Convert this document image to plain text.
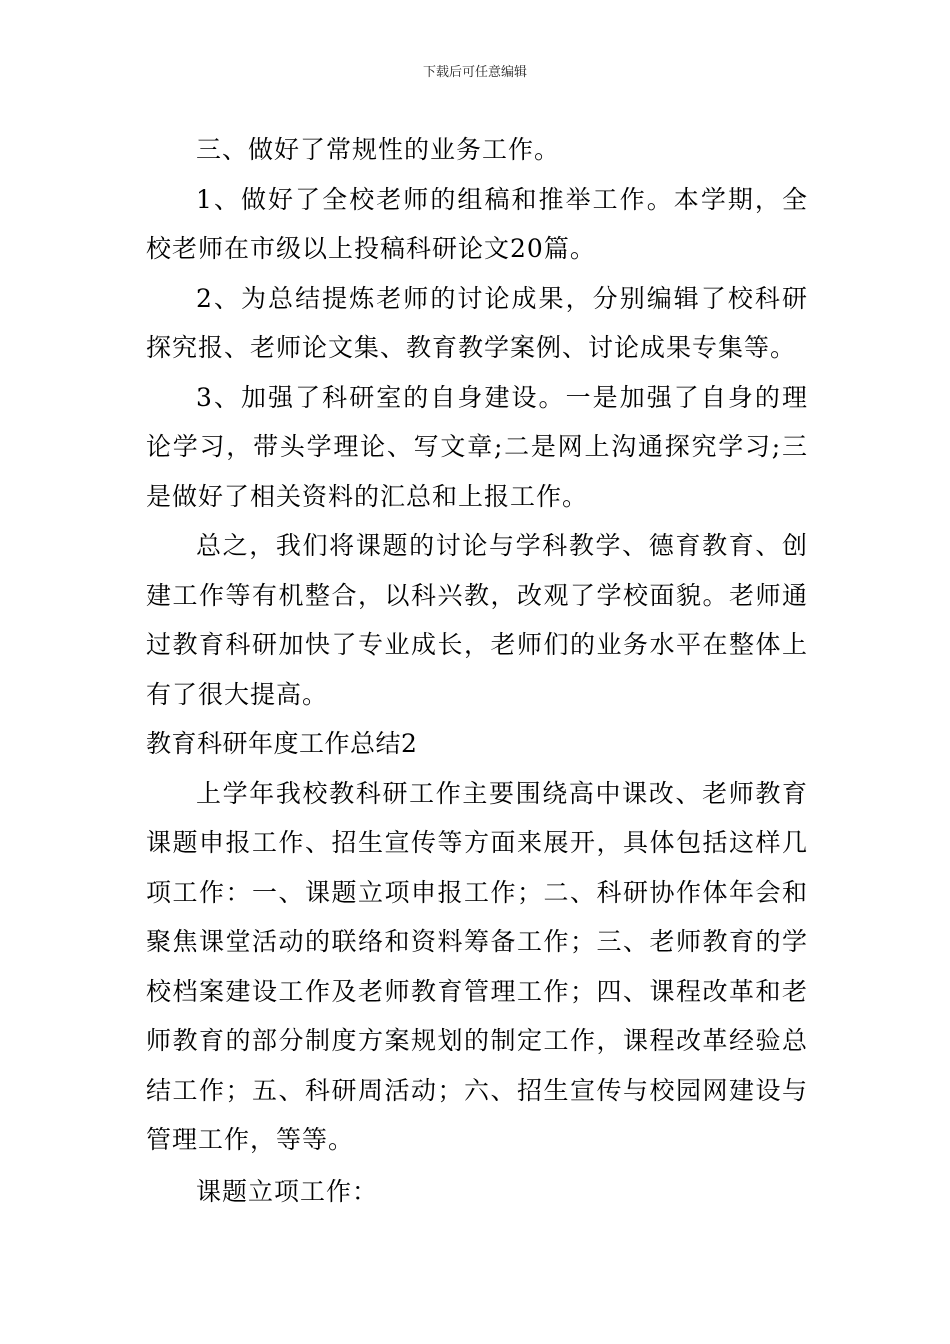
下载后可任意编辑

三、做好了常规性的业务工作。

1、做好了全校老师的组稿和推举工作。本学期，全校老师在市级以上投稿科研论文20篇。

2、为总结提炼老师的讨论成果，分别编辑了校科研探究报、老师论文集、教育教学案例、讨论成果专集等。

3、加强了科研室的自身建设。一是加强了自身的理论学习，带头学理论、写文章;二是网上沟通探究学习;三是做好了相关资料的汇总和上报工作。

总之，我们将课题的讨论与学科教学、德育教育、创建工作等有机整合，以科兴教，改观了学校面貌。老师通过教育科研加快了专业成长，老师们的业务水平在整体上有了很大提高。

教育科研年度工作总结2

上学年我校教科研工作主要围绕高中课改、老师教育课题申报工作、招生宣传等方面来展开，具体包括这样几项工作：一、课题立项申报工作；二、科研协作体年会和聚焦课堂活动的联络和资料筹备工作；三、老师教育的学校档案建设工作及老师教育管理工作；四、课程改革和老师教育的部分制度方案规划的制定工作，课程改革经验总结工作；五、科研周活动；六、招生宣传与校园网建设与管理工作，等等。

课题立项工作：
